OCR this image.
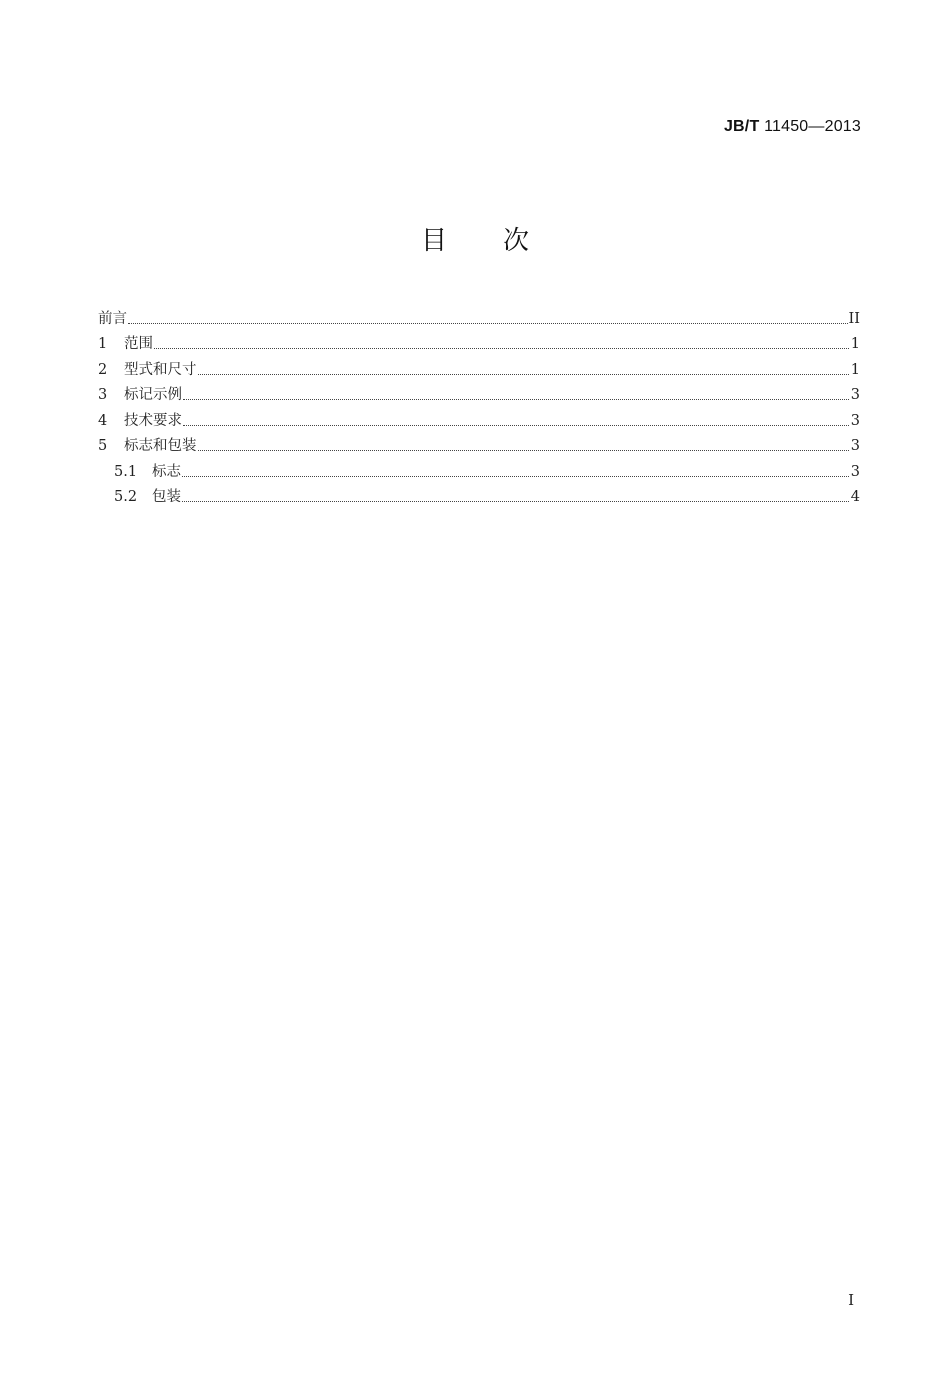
JB/T 11450—2013
目次
前言	II
1	范围	1
2	型式和尺寸	1
3	标记示例	3
4	技术要求	3
5	标志和包装	3
5.1	标志	3
5.2	包装	4
I
